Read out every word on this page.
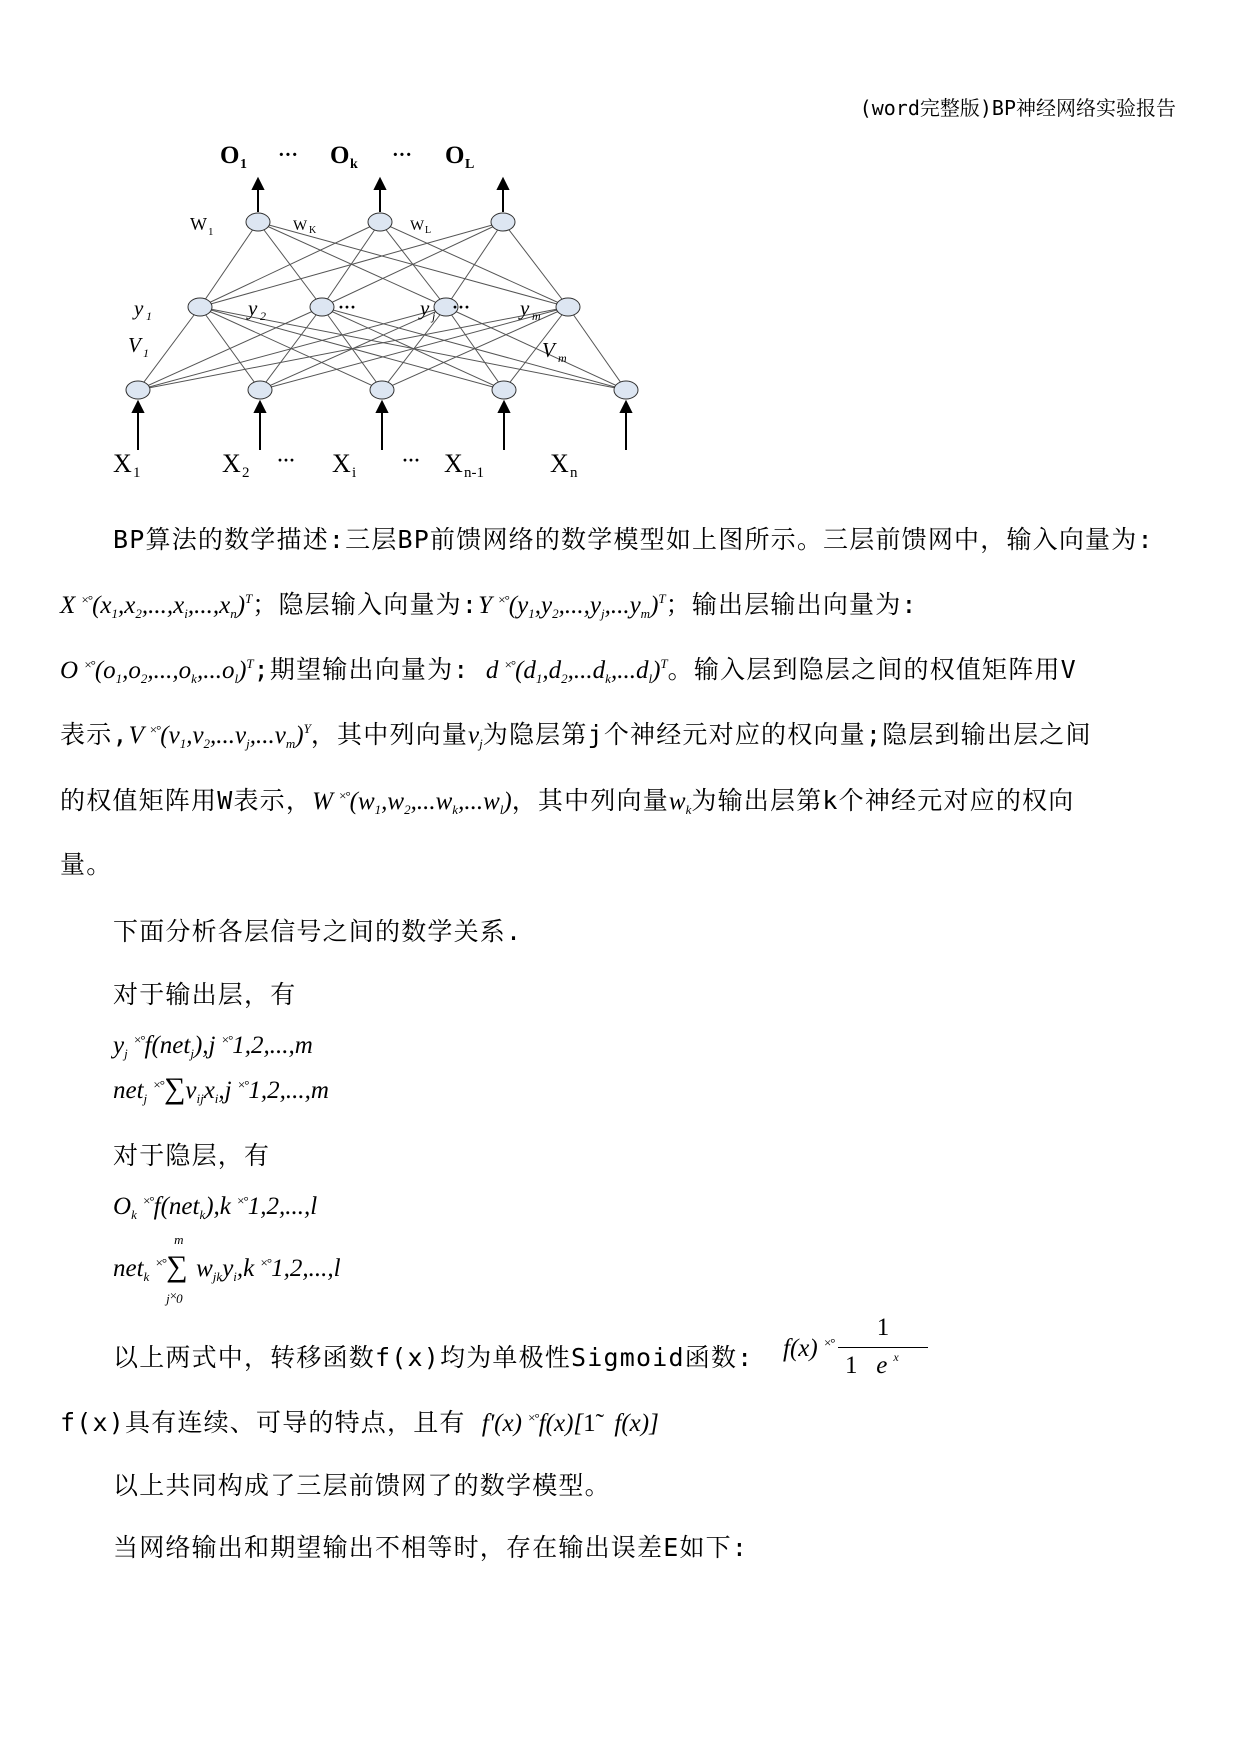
(word完整版)BP神经网络实验报告
O 1 ··· O k ··· O L
W 1	W K	W L
y 1	y 2	···	y j ··· y m
V 1	V m
X 1	X 2
··· X i
··· X n-1	X n
BP算法的数学描述:三层BP前馈网络的数学模型如上图所示。三层前馈网中，输入向量为:
X $^{\times^\circ}(x_1,x_2,...,x_i,...,x_n)^T$；隐层输入向量为:Y $^{\times^\circ}(y_1,y_2,...,y_j,...y_m)^T$；输出层输出向量为:
O $^{\times^\circ}(o_1,o_2,...,o_k,...o_l)^T$;期望输出向量为: d $^{\times^\circ}(d_1,d_2,...d_k,...d_l)^T$。输入层到隐层之间的权值矩阵用V
表示,V $^{\times^\circ}(v_1,v_2,...v_j,...v_m)^Y$，其中列向量$v_j$为隐层第j个神经元对应的权向量;隐层到输出层之间
的权值矩阵用W表示，W $^{\times^\circ}(w_1,w_2,...w_k,...w_l)$，其中列向量$w_k$为输出层第k个神经元对应的权向
量。
下面分析各层信号之间的数学关系.
对于输出层，有
$y_j$ ×°f(net$_j$),j ×°1,2,...,m
net$_j$ $^{\times^\circ}\sum v_{ij}x_i,j$ ×°1,2,...,m
对于隐层，有
$O_k$ ×°f(net$_k$),k ×°1,2,...,l
net$_k$ ×°∑
m
j×0
$w_{jk}y_i,k$ ×°1,2,...,l
以上两式中，转移函数f(x)均为单极性Sigmoid函数: f(x) ×°
1
1   e  $^x$
f(x)具有连续、可导的特点，且有 f'(x) ×°f(x)[1̃   f(x)]
以上共同构成了三层前馈网了的数学模型。
当网络输出和期望输出不相等时，存在输出误差E如下:
